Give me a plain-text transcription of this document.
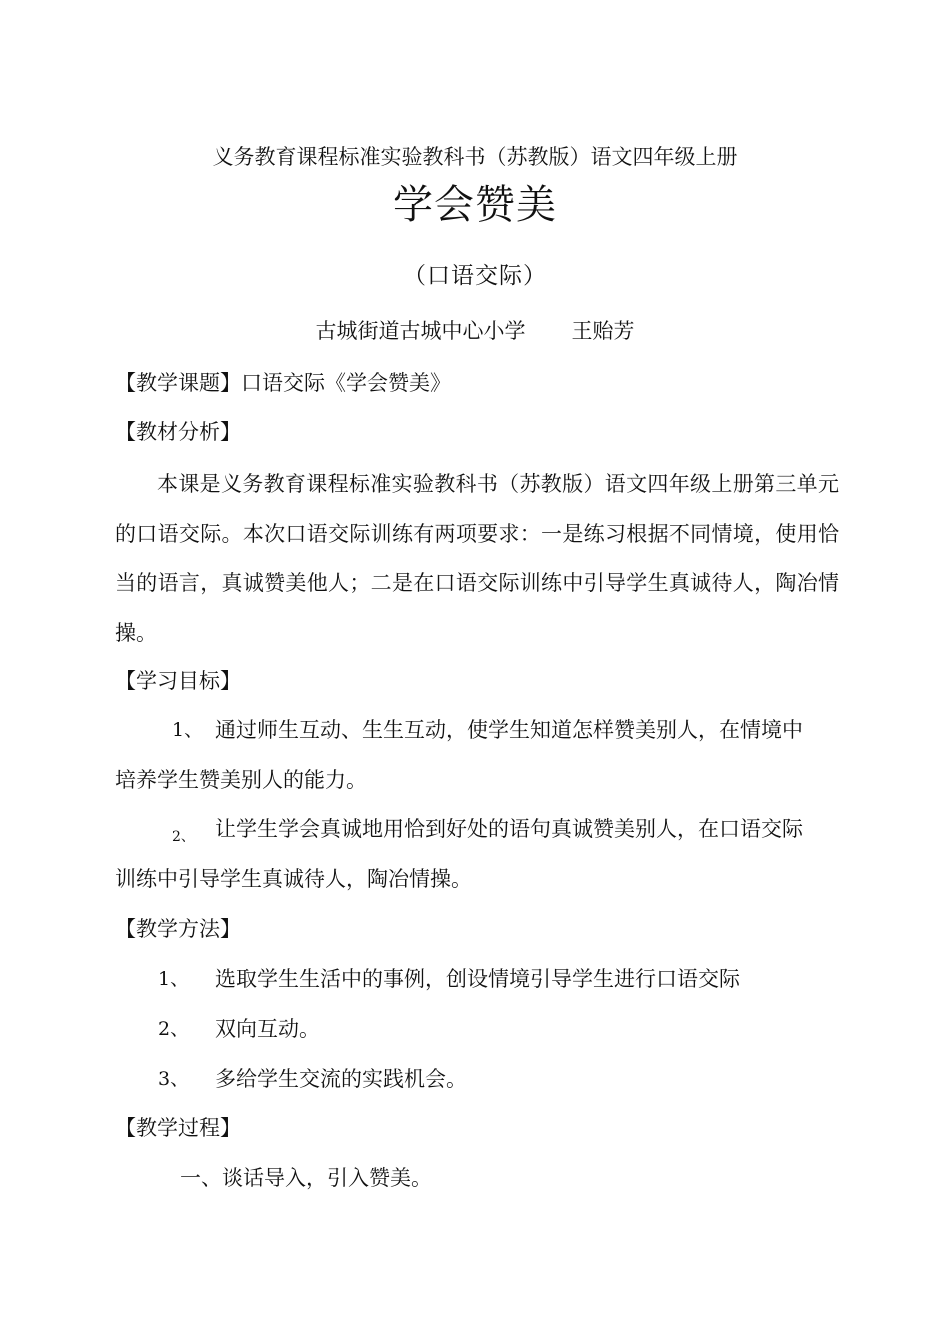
义务教育课程标准实验教科书（苏教版）语文四年级上册
学会赞美
（口语交际）
古城街道古城中心小学 王贻芳
【教学课题】口语交际《学会赞美》
【教材分析】
本课是义务教育课程标准实验教科书（苏教版）语文四年级上册第三单元的口语交际。本次口语交际训练有两项要求：一是练习根据不同情境，使用恰当的语言，真诚赞美他人；二是在口语交际训练中引导学生真诚待人，陶冶情操。
【学习目标】
1、 通过师生互动、生生互动，使学生知道怎样赞美别人，在情境中
培养学生赞美别人的能力。
2、 让学生学会真诚地用恰到好处的语句真诚赞美别人，在口语交际
训练中引导学生真诚待人，陶冶情操。
【教学方法】
1、 选取学生生活中的事例，创设情境引导学生进行口语交际
2、 双向互动。
3、 多给学生交流的实践机会。
【教学过程】
一、谈话导入，引入赞美。
